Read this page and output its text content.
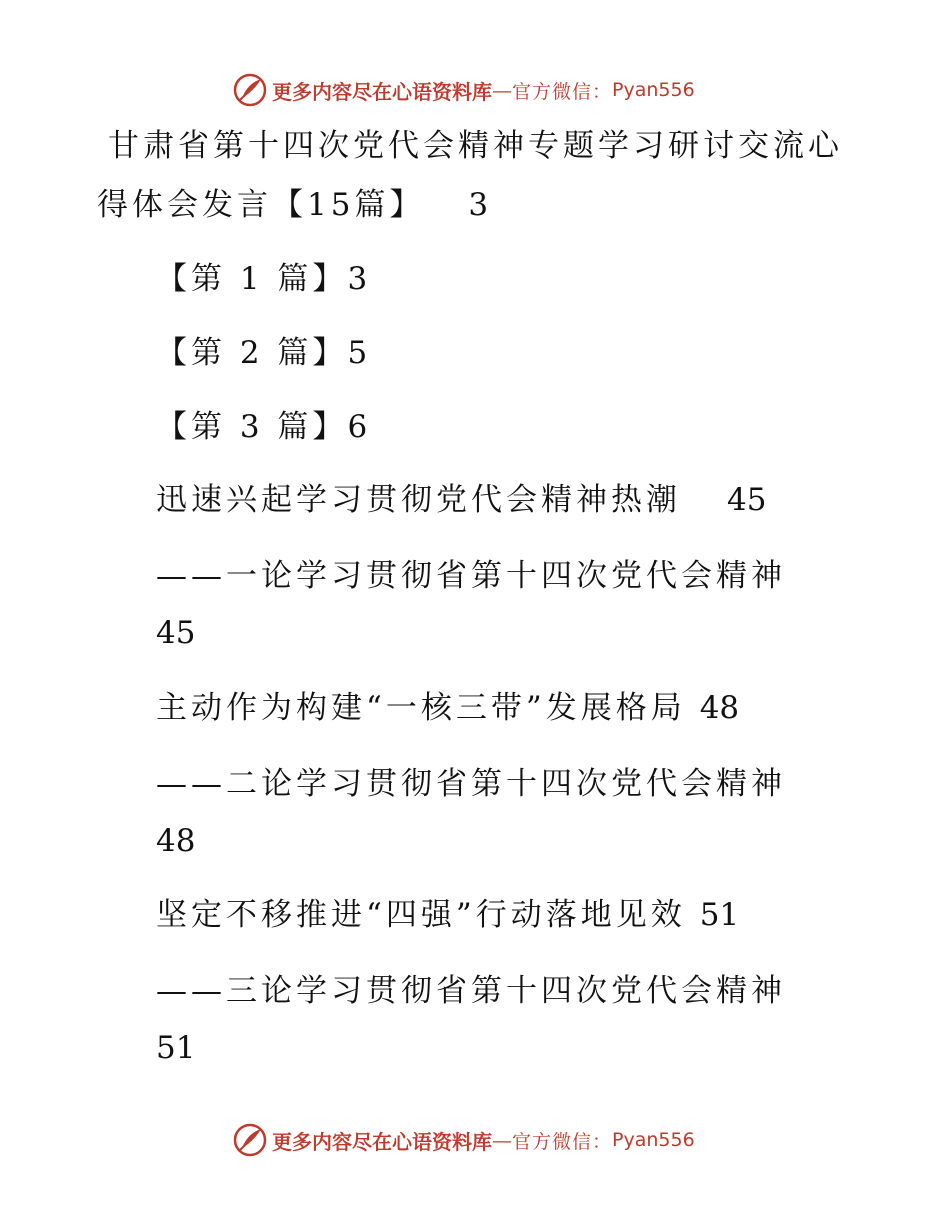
更多内容尽在心语资料库 — 官方微信： Pyan556
甘肃省第十四次党代会精神专题学习研讨交流心
得体会发言【15篇】 3
【第 1 篇】3
【第 2 篇】5
【第 3 篇】6
迅速兴起学习贯彻党代会精神热潮 45
——一论学习贯彻省第十四次党代会精神
45
主动作为构建“一核三带”发展格局 48
——二论学习贯彻省第十四次党代会精神
48
坚定不移推进“四强”行动落地见效 51
——三论学习贯彻省第十四次党代会精神
51
更多内容尽在心语资料库 — 官方微信： Pyan556
